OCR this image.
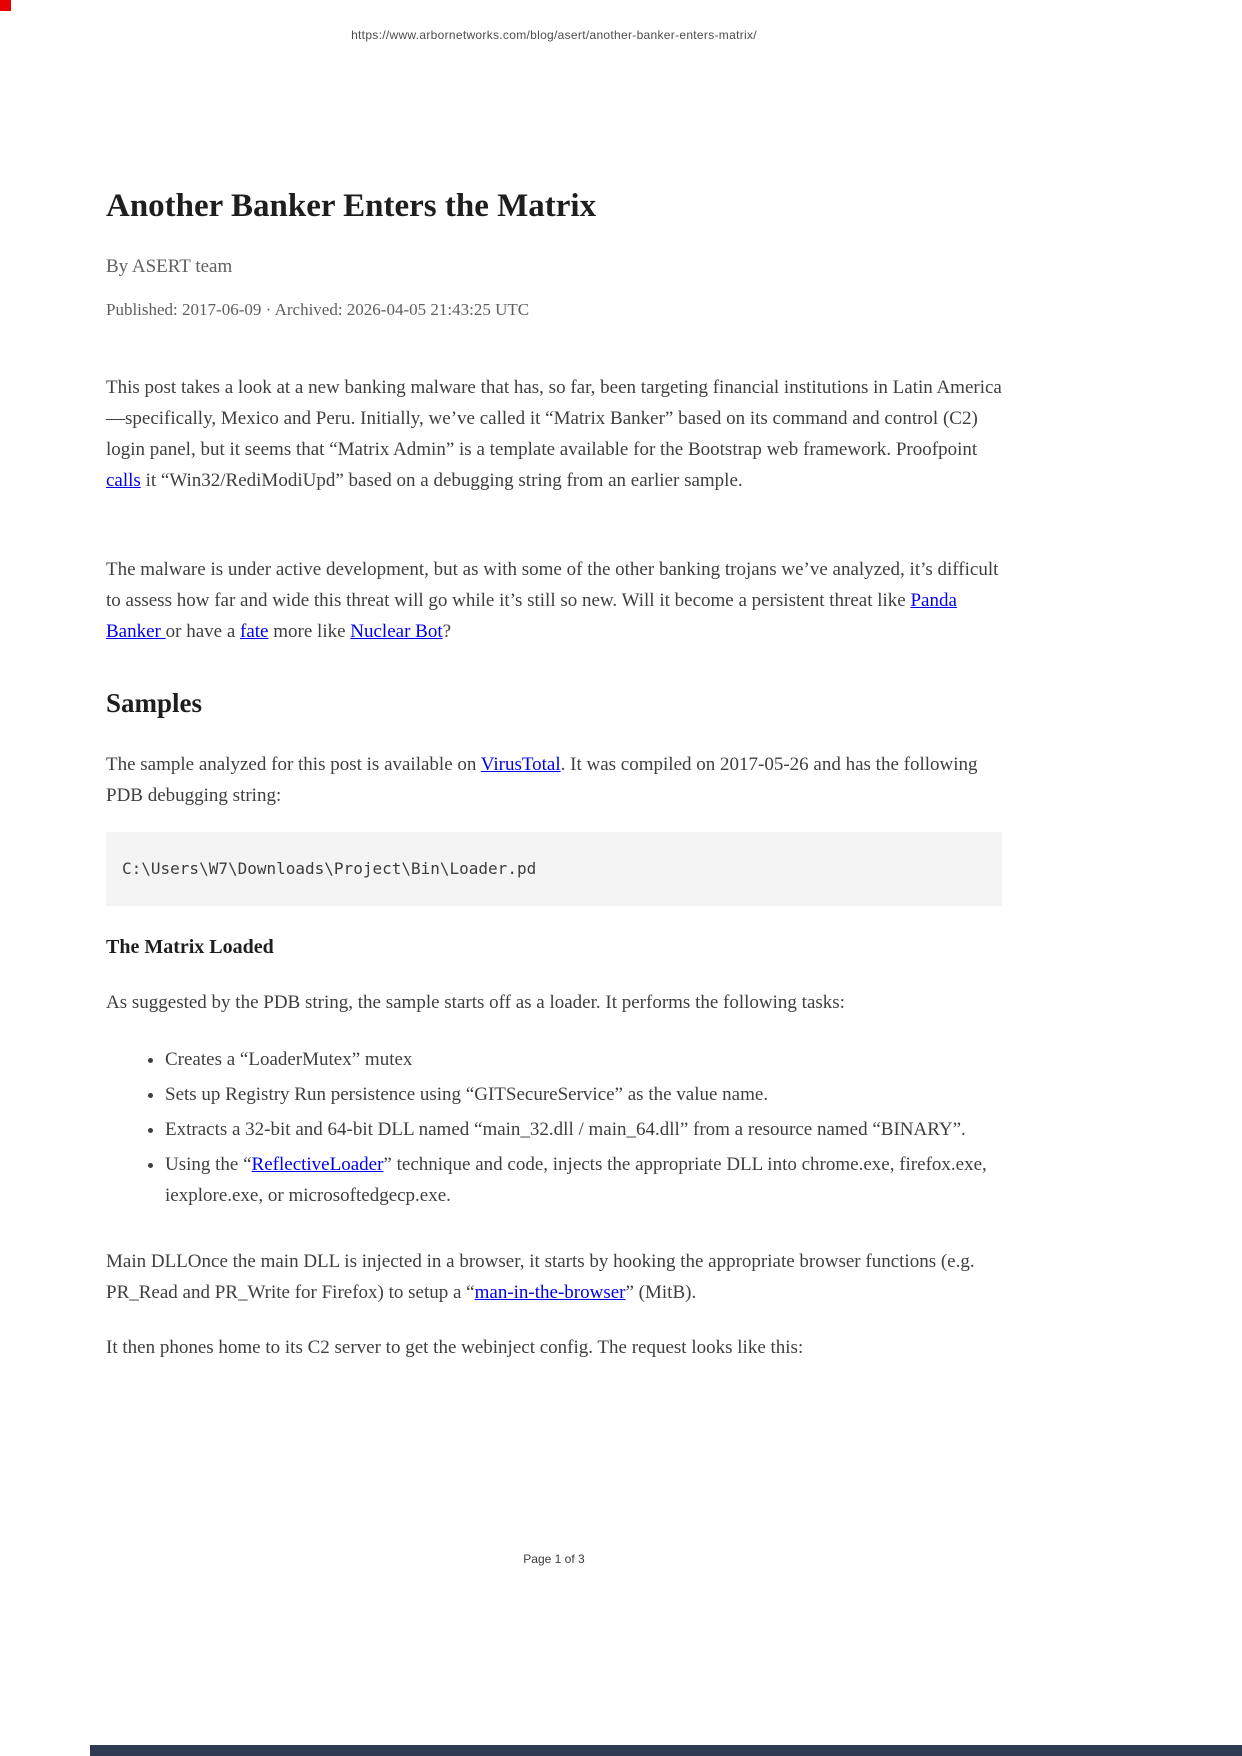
https://www.arbornetworks.com/blog/asert/another-banker-enters-matrix/
Another Banker Enters the Matrix
By ASERT team
Published: 2017-06-09 · Archived: 2026-04-05 21:43:25 UTC

This post takes a look at a new banking malware that has, so far, been targeting financial institutions in Latin America—specifically, Mexico and Peru. Initially, we’ve called it “Matrix Banker” based on its command and control (C2) login panel, but it seems that “Matrix Admin” is a template available for the Bootstrap web framework. Proofpoint calls it “Win32/RediModiUpd” based on a debugging string from an earlier sample.

The malware is under active development, but as with some of the other banking trojans we’ve analyzed, it’s difficult to assess how far and wide this threat will go while it’s still so new. Will it become a persistent threat like Panda Banker or have a fate more like Nuclear Bot?

Samples

The sample analyzed for this post is available on VirusTotal. It was compiled on 2017-05-26 and has the following PDB debugging string:

C:\Users\W7\Downloads\Project\Bin\Loader.pd
The Matrix Loaded

As suggested by the PDB string, the sample starts off as a loader. It performs the following tasks:

• Creates a “LoaderMutex” mutex
• Sets up Registry Run persistence using “GITSecureService” as the value name.
• Extracts a 32-bit and 64-bit DLL named “main_32.dll / main_64.dll” from a resource named “BINARY”.
• Using the “ReflectiveLoader” technique and code, injects the appropriate DLL into chrome.exe, firefox.exe, iexplore.exe, or microsoftedgecp.exe.

Main DLLOnce the main DLL is injected in a browser, it starts by hooking the appropriate browser functions (e.g. PR_Read and PR_Write for Firefox) to setup a “man-in-the-browser” (MitB).

It then phones home to its C2 server to get the webinject config. The request looks like this:

Page 1 of 3
